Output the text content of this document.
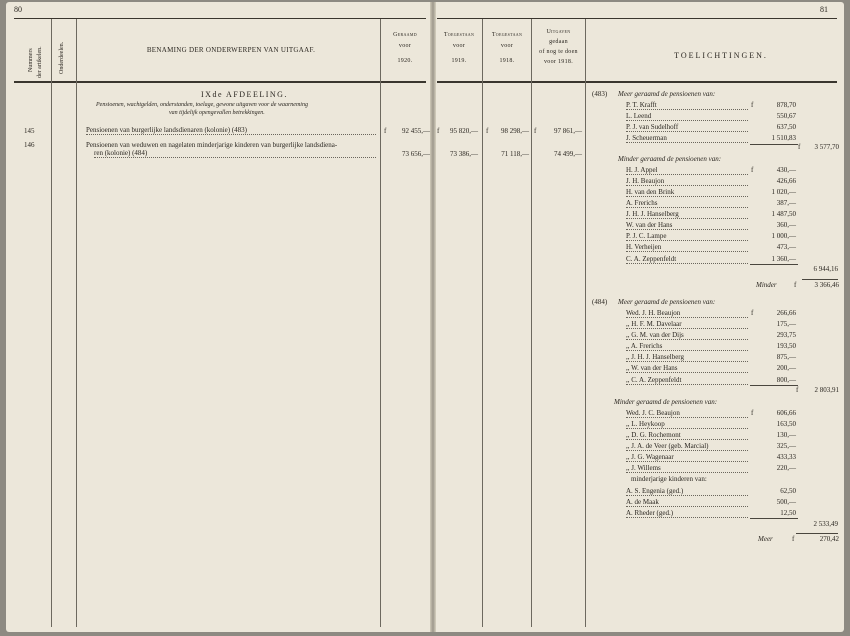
80	81
Nummers der artikelen.	Onderdeelen.	BENAMING DER ONDERWERPEN VAN UITGAAF.
Geraamd
voor
1920.
Toegestaan
voor
1919.
Toegestaan
voor
1918.
Uitgaven
gedaan
of nog te doen
voor 1918.
TOELICHTINGEN.
IXde AFDEELING.
Pensioenen, wachtgelden, onderstanden, toelage, gewone uitgaven voor de waarneming
van tijdelijk opengevallen betrekkingen.
145	Pensioenen van burgerlijke landsdienaren (kolonie) (483)	f	92 455,— f	95 820,— f	98 298,— f	97 861,—
146	Pensioenen van weduwen en nagelaten minderjarige kinderen van burgerlijke landsdiena-
ren (kolonie) (484)	73 656,—	73 386,—	71 118,—	74 499,—
(483) Meer geraamd de pensioenen van:
P. T. Krafft	f	878,70
L. Leend	550,67
P. J. van Sudelhoff	637,50
J. Scheuerman	1 510,83
f	3 577,70
Minder geraamd de pensioenen van:
H. J. Appel	f	430,—
J. H. Beaujon	426,66
H. van den Brink	1 020,—
A. Frerichs	387,—
J. H. J. Hanselberg	1 487,50
W. van der Hans	360,—
P. J. C. Lampe	1 000,—
H. Verheijen	473,—
C. A. Zeppenfeldt	1 360,—
6 944,16
Minder f	3 366,46
(484) Meer geraamd de pensioenen van:
Wed. J. H. Beaujon	f	266,66
,, H. F. M. Davelaar	175,—
,, G. M. van der Dijs	293,75
,, A. Frerichs	193,50
,, J. H. J. Hanselberg	875,—
,, W. van der Hans	200,—
,, C. A. Zeppenfeldt	800,—
f	2 803,91
Minder geraamd de pensioenen van:
Wed. J. C. Beaujon	f	606,66
,, L. Heykoop	163,50
,, D. G. Rochemont	130,—
,, J. A. de Veer (geb. Marcial)	325,—
,, J. G. Wagenaar	433,33
,, J. Willems	220,—
minderjarige kinderen van:
A. S. Engenia (ged.)	62,50
A. de Maak	500,—
A. Rheder (ged.)	12,50
2 533,49
Meer	f	270,42
